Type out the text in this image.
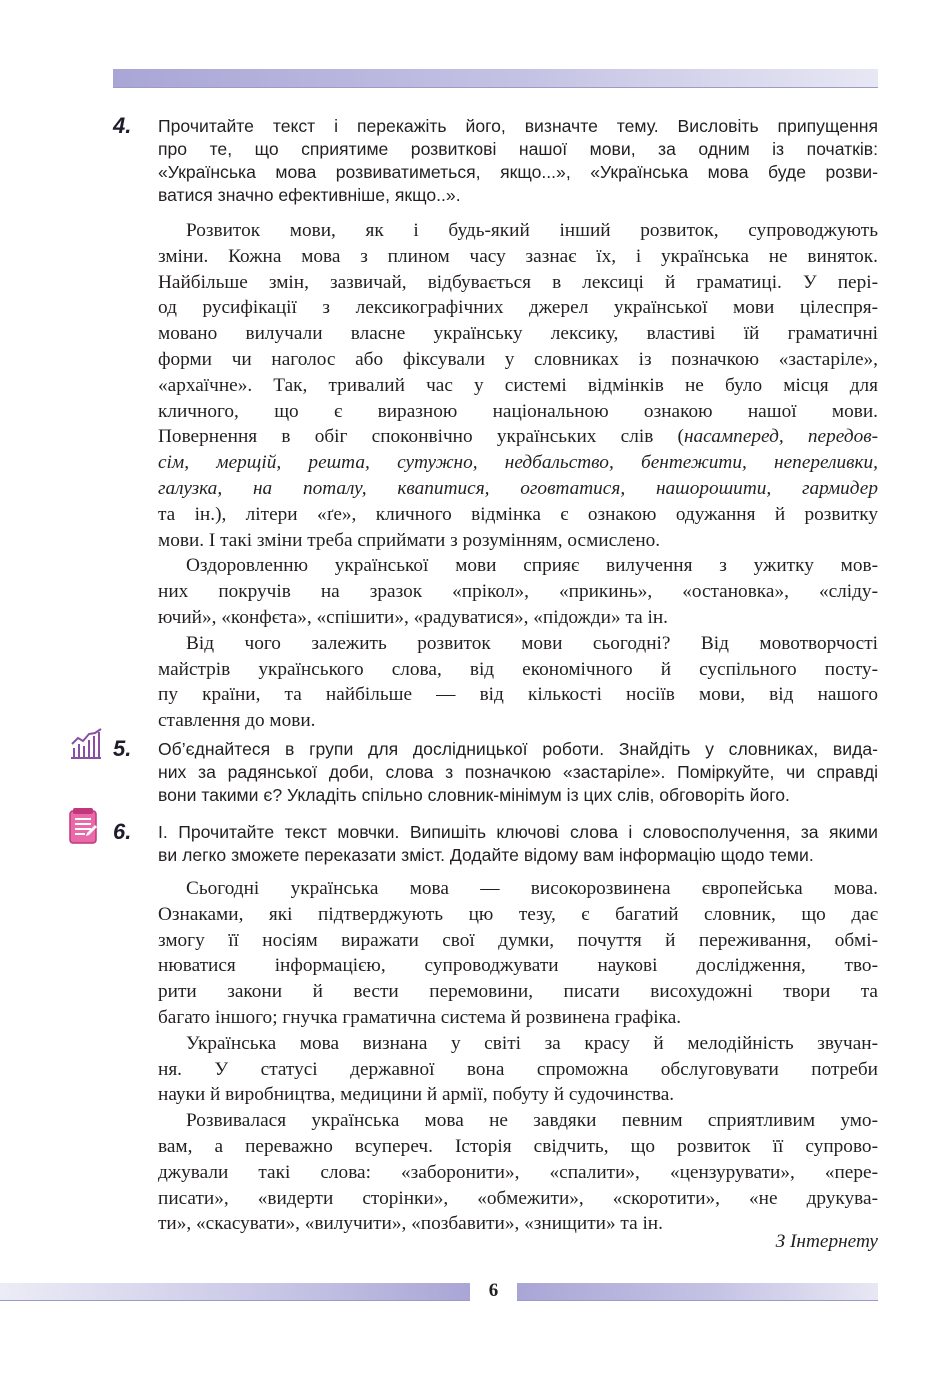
4. Прочитайте текст і перекажіть його, визначте тему. Висловіть припущення
про те, що сприятиме розвиткові нашої мови, за одним із початків:
«Українська мова розвиватиметься, якщо...», «Українська мова буде розви-
ватися значно ефективніше, якщо..».

Розвиток мови, як і будь-який інший розвиток, супроводжують
зміни. Кожна мова з плином часу зазнає їх, і українська не виняток.
Найбільше змін, зазвичай, відбувається в лексиці й граматиці. У пері-
од русифікації з лексикографічних джерел української мови цілеспря-
мовано вилучали власне українську лексику, властиві їй граматичні
форми чи наголос або фіксували у словниках із позначкою «застаріле»,
«архаїчне». Так, тривалий час у системі відмінків не було місця для
кличного, що є виразною національною ознакою нашої мови.
Повернення в обіг споконвічно українських слів (насамперед, передов-
сім, мерщій, решта, сутужно, недбальство, бентежити, непереливки,
галузка, на поталу, квапитися, оговтатися, нашорошити, гармидер
та ін.), літери «ґе», кличного відмінка є ознакою одужання й розвитку
мови. І такі зміни треба сприймати з розумінням, осмислено.
Оздоровленню української мови сприяє вилучення з ужитку мов-
них покручів на зразок «прікол», «прикинь», «остановка», «сліду-
ючий», «конфєта», «спішити», «радуватися», «підожди» та ін.
Від чого залежить розвиток мови сьогодні? Від мовотворчості
майстрів українського слова, від економічного й суспільного посту-
пу країни, та найбільше — від кількості носіїв мови, від нашого
ставлення до мови.
5. Об’єднайтеся в групи для дослідницької роботи. Знайдіть у словниках, вида-
них за радянської доби, слова з позначкою «застаріле». Поміркуйте, чи справді
вони такими є? Укладіть спільно словник-мінімум із цих слів, обговоріть його.

6. І. Прочитайте текст мовчки. Випишіть ключові слова і словосполучення, за якими
ви легко зможете переказати зміст. Додайте відому вам інформацію щодо теми.

Сьогодні українська мова — високорозвинена європейська мова.
Ознаками, які підтверджують цю тезу, є багатий словник, що дає
змогу її носіям виражати свої думки, почуття й переживання, обмі-
нюватися інформацією, супроводжувати наукові дослідження, тво-
рити закони й вести перемовини, писати висохудожні твори та
багато іншого; гнучка граматична система й розвинена графіка.
Українська мова визнана у світі за красу й мелодійність звучан-
ня. У статусі державної вона спроможна обслуговувати потреби
науки й виробництва, медицини й армії, побуту й судочинства.
Розвивалася українська мова не завдяки певним сприятливим умо-
вам, а переважно всупереч. Історія свідчить, що розвиток її супрово-
джували такі слова: «заборонити», «спалити», «цензурувати», «пере-
писати», «видерти сторінки», «обмежити», «скоротити», «не друкува-
ти», «скасувати», «вилучити», «позбавити», «знищити» та ін.
З Інтернету
6
